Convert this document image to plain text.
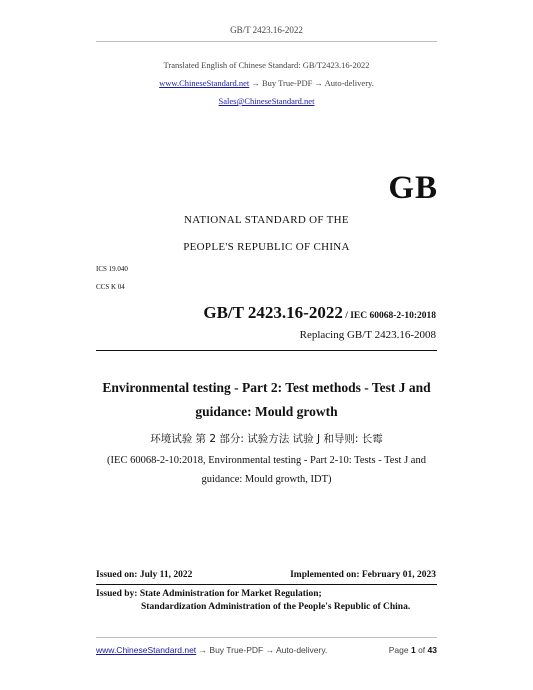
GB/T 2423.16-2022
Translated English of Chinese Standard: GB/T2423.16-2022
www.ChineseStandard.net → Buy True-PDF → Auto-delivery.
Sales@ChineseStandard.net
GB
NATIONAL STANDARD OF THE
PEOPLE'S REPUBLIC OF CHINA
ICS 19.040
CCS K 04
GB/T 2423.16-2022 / IEC 60068-2-10:2018
Replacing GB/T 2423.16-2008
Environmental testing - Part 2: Test methods - Test J and
guidance: Mould growth
环境试验 第 2 部分: 试验方法 试验 J 和导则: 长霉
(IEC 60068-2-10:2018, Environmental testing - Part 2-10: Tests - Test J and
guidance: Mould growth, IDT)
Issued on: July 11, 2022	Implemented on: February 01, 2023
Issued by: State Administration for Market Regulation;
Standardization Administration of the People's Republic of China.
www.ChineseStandard.net → Buy True-PDF → Auto-delivery.	Page 1 of 43
